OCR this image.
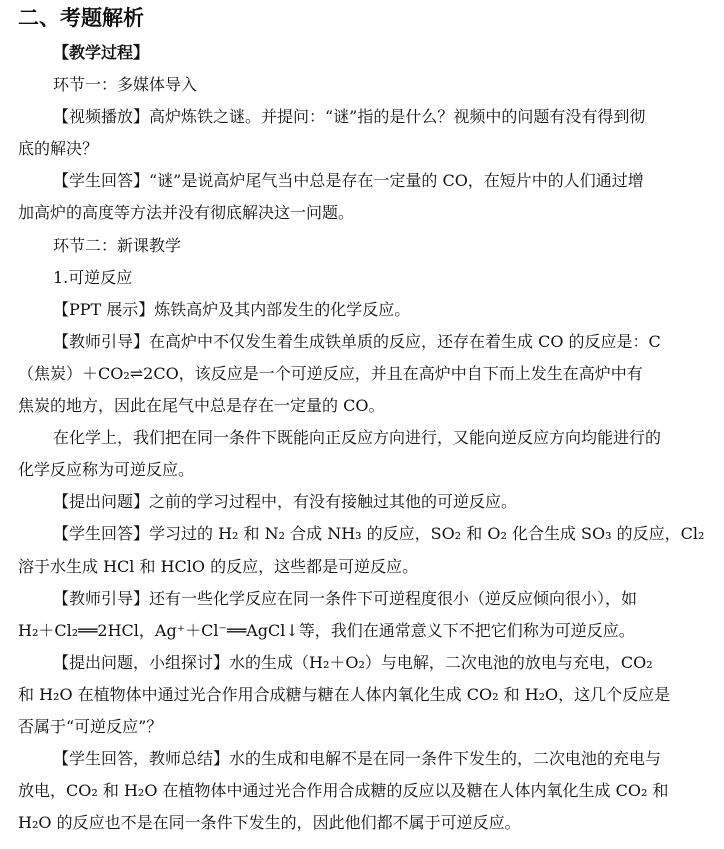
二、考题解析
【教学过程】
环节一：多媒体导入
【视频播放】高炉炼铁之谜。并提问：“谜”指的是什么？视频中的问题有没有得到彻
底的解决？
【学生回答】“谜”是说高炉尾气当中总是存在一定量的 CO，在短片中的人们通过增
加高炉的高度等方法并没有彻底解决这一问题。
环节二：新课教学
1.可逆反应
【PPT 展示】炼铁高炉及其内部发生的化学反应。
【教师引导】在高炉中不仅发生着生成铁单质的反应，还存在着生成 CO 的反应是：C
（焦炭）＋CO₂⇌2CO，该反应是一个可逆反应，并且在高炉中自下而上发生在高炉中有
焦炭的地方，因此在尾气中总是存在一定量的 CO。
在化学上，我们把在同一条件下既能向正反应方向进行，又能向逆反应方向均能进行的
化学反应称为可逆反应。
【提出问题】之前的学习过程中，有没有接触过其他的可逆反应。
【学生回答】学习过的 H₂ 和 N₂ 合成 NH₃ 的反应，SO₂ 和 O₂ 化合生成 SO₃ 的反应，Cl₂
溶于水生成 HCl 和 HClO 的反应，这些都是可逆反应。
【教师引导】还有一些化学反应在同一条件下可逆程度很小（逆反应倾向很小），如
H₂＋Cl₂══2HCl，Ag⁺＋Cl⁻══AgCl↓等，我们在通常意义下不把它们称为可逆反应。
【提出问题，小组探讨】水的生成（H₂＋O₂）与电解，二次电池的放电与充电，CO₂
和 H₂O 在植物体中通过光合作用合成糖与糖在人体内氧化生成 CO₂ 和 H₂O，这几个反应是
否属于“可逆反应”？
【学生回答，教师总结】水的生成和电解不是在同一条件下发生的，二次电池的充电与
放电，CO₂ 和 H₂O 在植物体中通过光合作用合成糖的反应以及糖在人体内氧化生成 CO₂ 和
H₂O 的反应也不是在同一条件下发生的，因此他们都不属于可逆反应。
